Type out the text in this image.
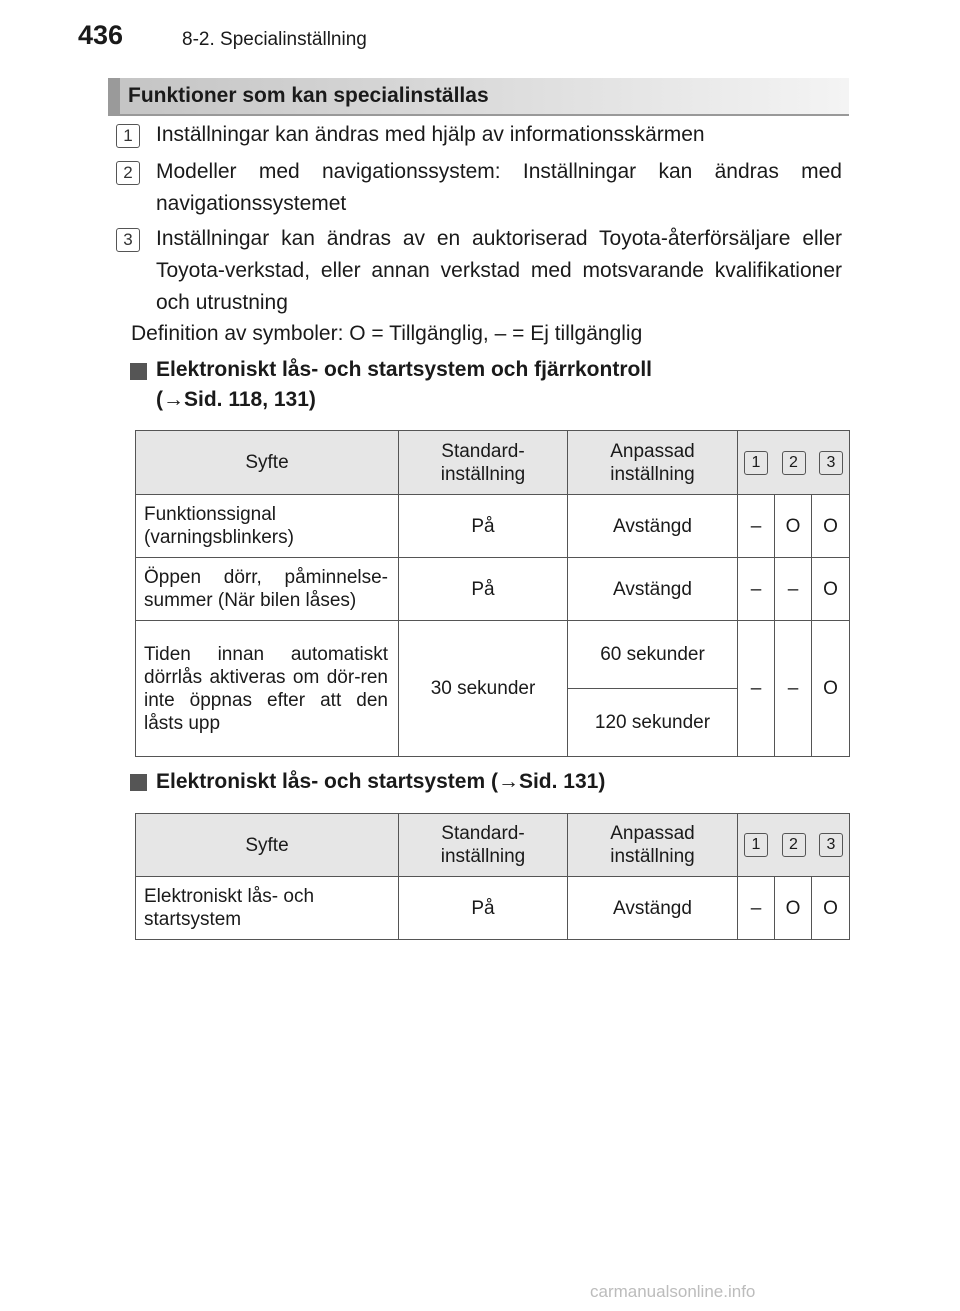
436	8-2. Specialinställning
Funktioner som kan specialinställas
1	Inställningar kan ändras med hjälp av informationsskärmen
2	Modeller med navigationssystem: Inställningar kan ändras med navigationssystemet
3	Inställningar kan ändras av en auktoriserad Toyota-återförsäljare eller Toyota-verkstad, eller annan verkstad med motsvarande kvalifikationer och utrustning
Definition av symboler: O = Tillgänglig, – = Ej tillgänglig
Elektroniskt lås- och startsystem och fjärrkontroll
(→Sid. 118, 131)
Syfte	Standard-inställning	Anpassad inställning	1 2 3		

Funktionssignal (varningsblinkers)	På	Avstängd	–	O	O
Öppen dörr, påminnelse-summer (När bilen låses)	På	Avstängd	–	–	O
Tiden innan automatiskt dörrlås aktiveras om dör-ren inte öppnas efter att den låsts upp	30 sekunder	60 sekunder	–	–	O
		120 sekunder			
Elektroniskt lås- och startsystem (→Sid. 131)
Syfte	Standard-inställning	Anpassad inställning	1 2 3		

Elektroniskt lås- och startsystem	På	Avstängd	–	O	O
carmanualsonline.info
